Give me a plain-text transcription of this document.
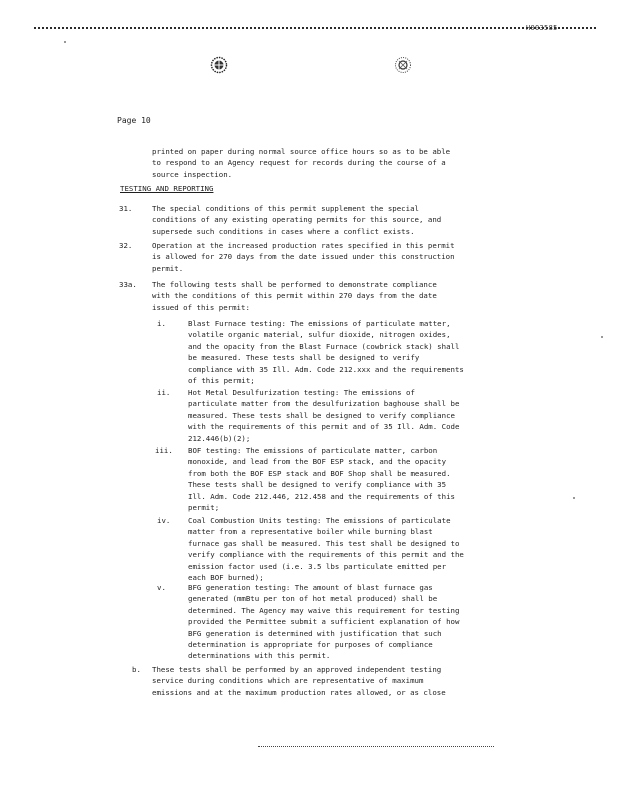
H003585
Page 10
printed on paper during normal source office hours so as to be able
to respond to an Agency request for records during the course of a
source inspection.
TESTING AND REPORTING
31.	The special conditions of this permit supplement the special
conditions of any existing operating permits for this source, and
supersede such conditions in cases where a conflict exists.
32.	Operation at the increased production rates specified in this permit
is allowed for 270 days from the date issued under this construction
permit.
33a. The following tests shall be performed to demonstrate compliance
with the conditions of this permit within 270 days from the date
issued of this permit:
i.	Blast Furnace testing: The emissions of particulate matter,
volatile organic material, sulfur dioxide, nitrogen oxides,
and the opacity from the Blast Furnace (cowbrick stack) shall
be measured. These tests shall be designed to verify
compliance with 35 Ill. Adm. Code 212.xxx and the requirements
of this permit;
ii. Hot Metal Desulfurization testing: The emissions of
particulate matter from the desulfurization baghouse shall be
measured. These tests shall be designed to verify compliance
with the requirements of this permit and of 35 Ill. Adm. Code
212.446(b)(2);
iii. BOF testing: The emissions of particulate matter, carbon
monoxide, and lead from the BOF ESP stack, and the opacity
from both the BOF ESP stack and BOF Shop shall be measured.
These tests shall be designed to verify compliance with 35
Ill. Adm. Code 212.446, 212.458 and the requirements of this
permit;
iv. Coal Combustion Units testing: The emissions of particulate
matter from a representative boiler while burning blast
furnace gas shall be measured. This test shall be designed to
verify compliance with the requirements of this permit and the
emission factor used (i.e. 3.5 lbs particulate emitted per
each BOF burned);
v.	BFG generation testing: The amount of blast furnace gas
generated (mmBtu per ton of hot metal produced) shall be
determined. The Agency may waive this requirement for testing
provided the Permittee submit a sufficient explanation of how
BFG generation is determined with justification that such
determination is appropriate for purposes of compliance
determinations with this permit.
b. These tests shall be performed by an approved independent testing
service during conditions which are representative of maximum
emissions and at the maximum production rates allowed, or as close
